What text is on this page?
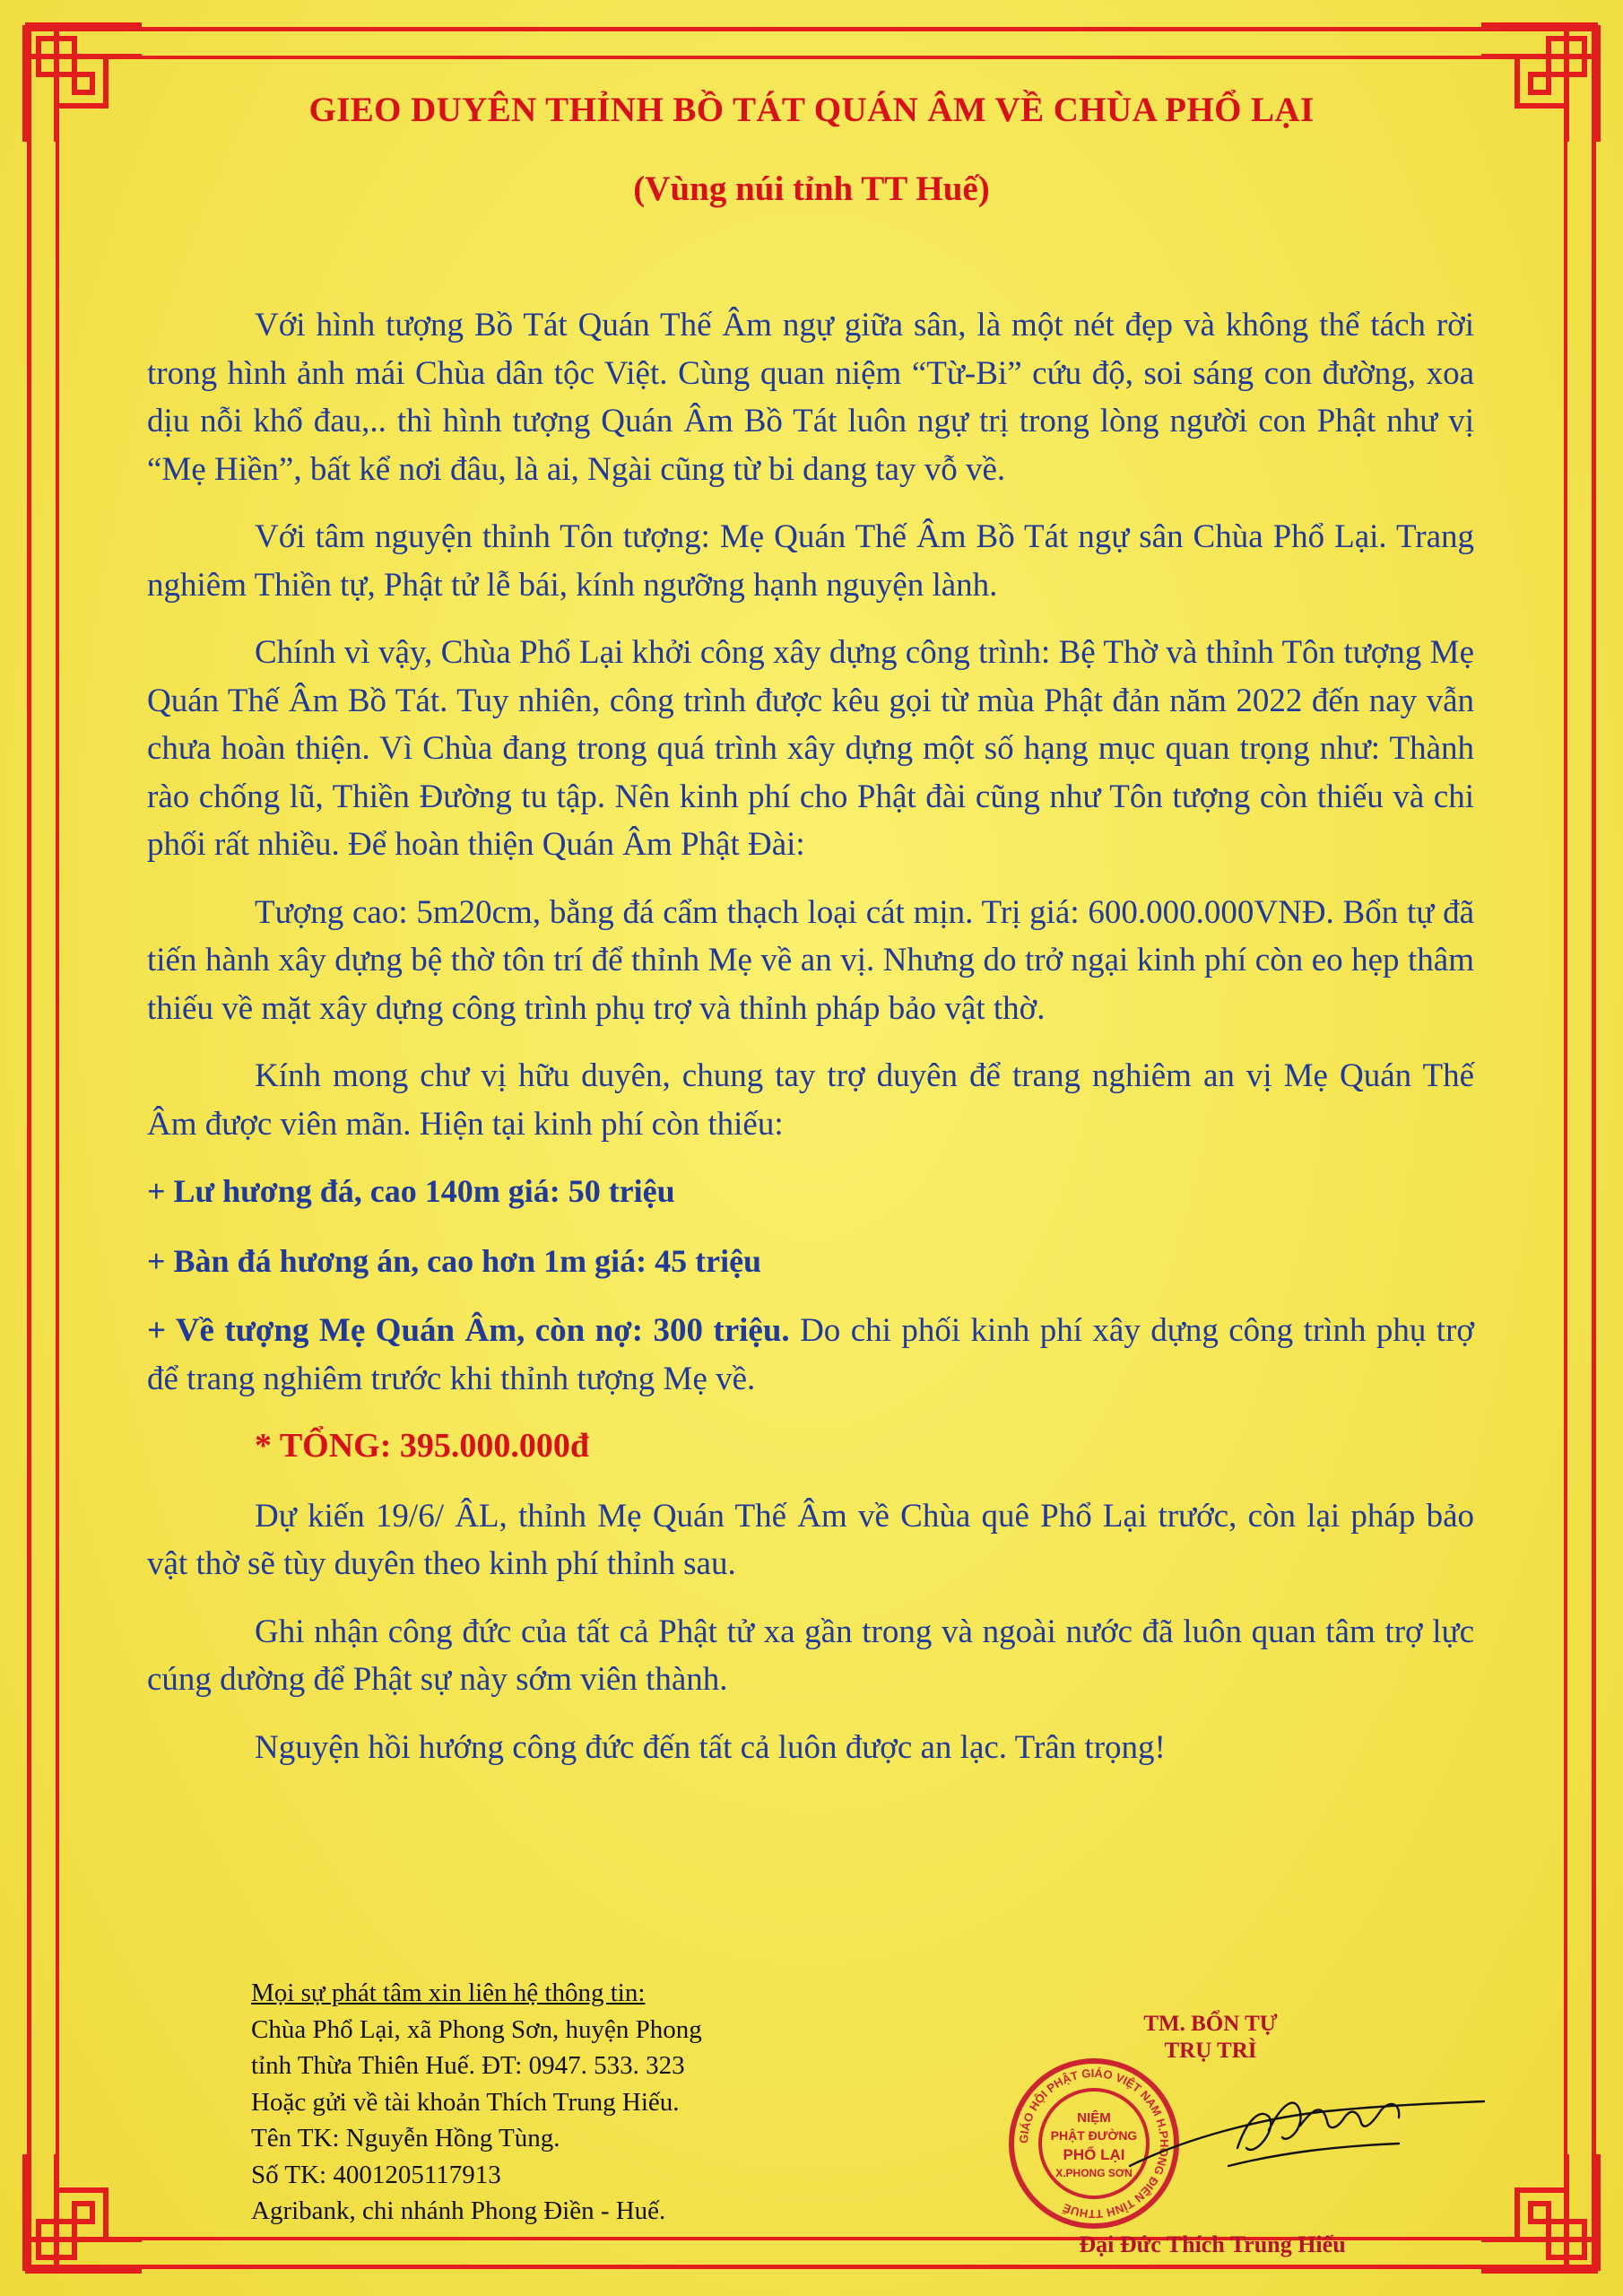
GIEO DUYÊN THỈNH BỒ TÁT QUÁN ÂM VỀ CHÙA PHỔ LẠI
(Vùng núi tỉnh TT Huế)

Với hình tượng Bồ Tát Quán Thế Âm ngự giữa sân, là một nét đẹp và không thể tách rời trong hình ảnh mái Chùa dân tộc Việt. Cùng quan niệm “Từ-Bi” cứu độ, soi sáng con đường, xoa dịu nỗi khổ đau,.. thì hình tượng Quán Âm Bồ Tát luôn ngự trị trong lòng người con Phật như vị “Mẹ Hiền”, bất kể nơi đâu, là ai, Ngài cũng từ bi dang tay vỗ về.

Với tâm nguyện thỉnh Tôn tượng: Mẹ Quán Thế Âm Bồ Tát ngự sân Chùa Phổ Lại. Trang nghiêm Thiền tự, Phật tử lễ bái, kính ngưỡng hạnh nguyện lành.

Chính vì vậy, Chùa Phổ Lại khởi công xây dựng công trình: Bệ Thờ và thỉnh Tôn tượng Mẹ Quán Thế Âm Bồ Tát. Tuy nhiên, công trình được kêu gọi từ mùa Phật đản năm 2022 đến nay vẫn chưa hoàn thiện. Vì Chùa đang trong quá trình xây dựng một số hạng mục quan trọng như: Thành rào chống lũ, Thiền Đường tu tập. Nên kinh phí cho Phật đài cũng như Tôn tượng còn thiếu và chi phối rất nhiều. Để hoàn thiện Quán Âm Phật Đài:

Tượng cao: 5m20cm, bằng đá cẩm thạch loại cát mịn. Trị giá: 600.000.000VNĐ. Bổn tự đã tiến hành xây dựng bệ thờ tôn trí để thỉnh Mẹ về an vị. Nhưng do trở ngại kinh phí còn eo hẹp thâm thiếu về mặt xây dựng công trình phụ trợ và thỉnh pháp bảo vật thờ.

Kính mong chư vị hữu duyên, chung tay trợ duyên để trang nghiêm an vị Mẹ Quán Thế Âm được viên mãn. Hiện tại kinh phí còn thiếu:

+ Lư hương đá, cao 140m giá: 50 triệu

+ Bàn đá hương án, cao hơn 1m giá: 45 triệu

+ Về tượng Mẹ Quán Âm, còn nợ: 300 triệu. Do chi phối kinh phí xây dựng công trình phụ trợ để trang nghiêm trước khi thỉnh tượng Mẹ về.

* TỔNG: 395.000.000đ

Dự kiến 19/6/ ÂL, thỉnh Mẹ Quán Thế Âm về Chùa quê Phổ Lại trước, còn lại pháp bảo vật thờ sẽ tùy duyên theo kinh phí thỉnh sau.

Ghi nhận công đức của tất cả Phật tử xa gần trong và ngoài nước đã luôn quan tâm trợ lực cúng dường để Phật sự này sớm viên thành.

Nguyện hồi hướng công đức đến tất cả luôn được an lạc. Trân trọng!

Mọi sự phát tâm xin liên hệ thông tin:
Chùa Phổ Lại, xã Phong Sơn, huyện Phong
tỉnh Thừa Thiên Huế. ĐT: 0947. 533. 323
Hoặc gửi về tài khoản Thích Trung Hiếu.
Tên TK: Nguyễn Hồng Tùng.
Số TK: 4001205117913
Agribank, chi nhánh Phong Điền - Huế.
TM. BỔN TỰ
TRỤ TRÌ
GIÁO HỘI PHẬT GIÁO VIỆT NAM H.PHONG ĐIỀN TỈNH TTHUẾ
NIỆM
PHẬT ĐƯỜNG
PHỔ LẠI
X.PHONG SƠN
Đại Đức Thích Trung Hiếu
